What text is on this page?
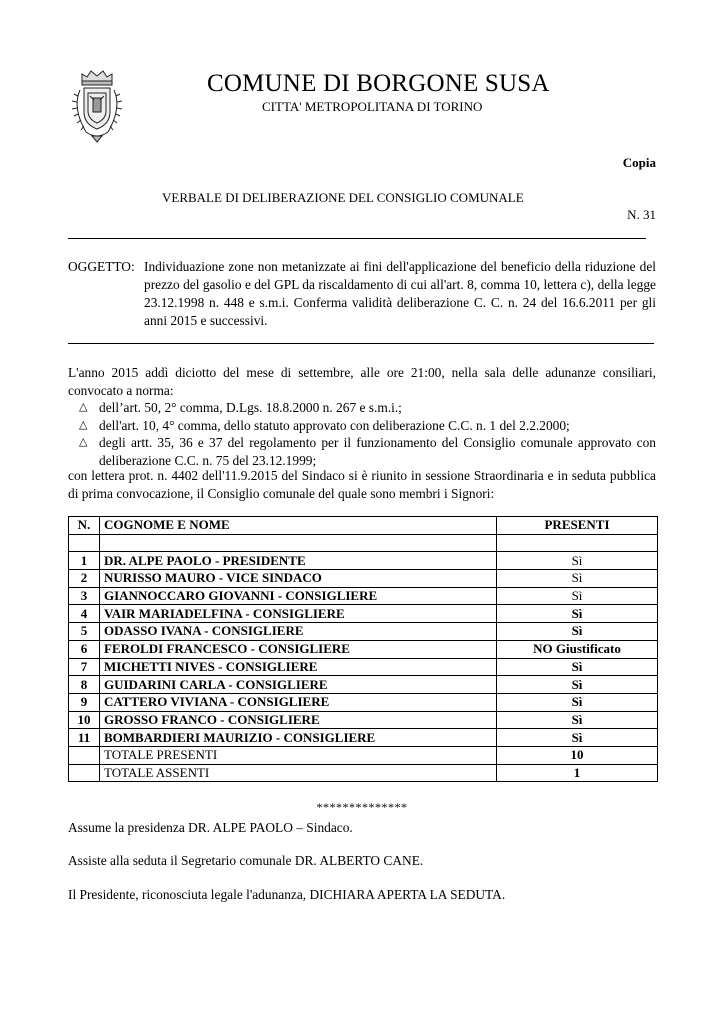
COMUNE DI BORGONE SUSA
CITTA' METROPOLITANA DI TORINO
Copia
VERBALE DI DELIBERAZIONE DEL CONSIGLIO COMUNALE
N. 31
OGGETTO: Individuazione zone non metanizzate ai fini dell'applicazione del beneficio della riduzione del prezzo del gasolio e del GPL da riscaldamento di cui all'art. 8, comma 10, lettera c), della legge 23.12.1998 n. 448 e s.m.i. Conferma validità deliberazione C. C. n. 24 del 16.6.2011 per gli anni 2015 e successivi.
L'anno 2015 addì diciotto del mese di settembre, alle ore 21:00, nella sala delle adunanze consiliari, convocato a norma:
△ dell’art. 50, 2° comma, D.Lgs. 18.8.2000 n. 267 e s.m.i.;
△ dell'art. 10, 4° comma, dello statuto approvato con deliberazione C.C. n. 1 del 2.2.2000;
△ degli artt. 35, 36 e 37 del regolamento per il funzionamento del Consiglio comunale approvato con deliberazione C.C. n. 75 del 23.12.1999;
con lettera prot. n. 4402 dell'11.9.2015 del Sindaco si è riunito in sessione Straordinaria e in seduta pubblica di prima convocazione, il Consiglio comunale del quale sono membri i Signori:
N.	COGNOME E NOME	PRESENTI

1	DR. ALPE PAOLO - PRESIDENTE	Sì
2	NURISSO MAURO - VICE SINDACO	Sì
3	GIANNOCCARO GIOVANNI - CONSIGLIERE	Sì
4	VAIR MARIADELFINA - CONSIGLIERE	Sì
5	ODASSO IVANA - CONSIGLIERE	Sì
6	FEROLDI FRANCESCO - CONSIGLIERE	NO Giustificato
7	MICHETTI NIVES - CONSIGLIERE	Sì
8	GUIDARINI CARLA - CONSIGLIERE	Sì
9	CATTERO VIVIANA - CONSIGLIERE	Sì
10	GROSSO FRANCO - CONSIGLIERE	Sì
11	BOMBARDIERI MAURIZIO - CONSIGLIERE	Sì
	TOTALE PRESENTI	10
	TOTALE ASSENTI	1
**************
Assume la presidenza DR. ALPE PAOLO – Sindaco.
Assiste alla seduta il Segretario comunale DR. ALBERTO CANE.
Il Presidente, riconosciuta legale l'adunanza, DICHIARA APERTA LA SEDUTA.
